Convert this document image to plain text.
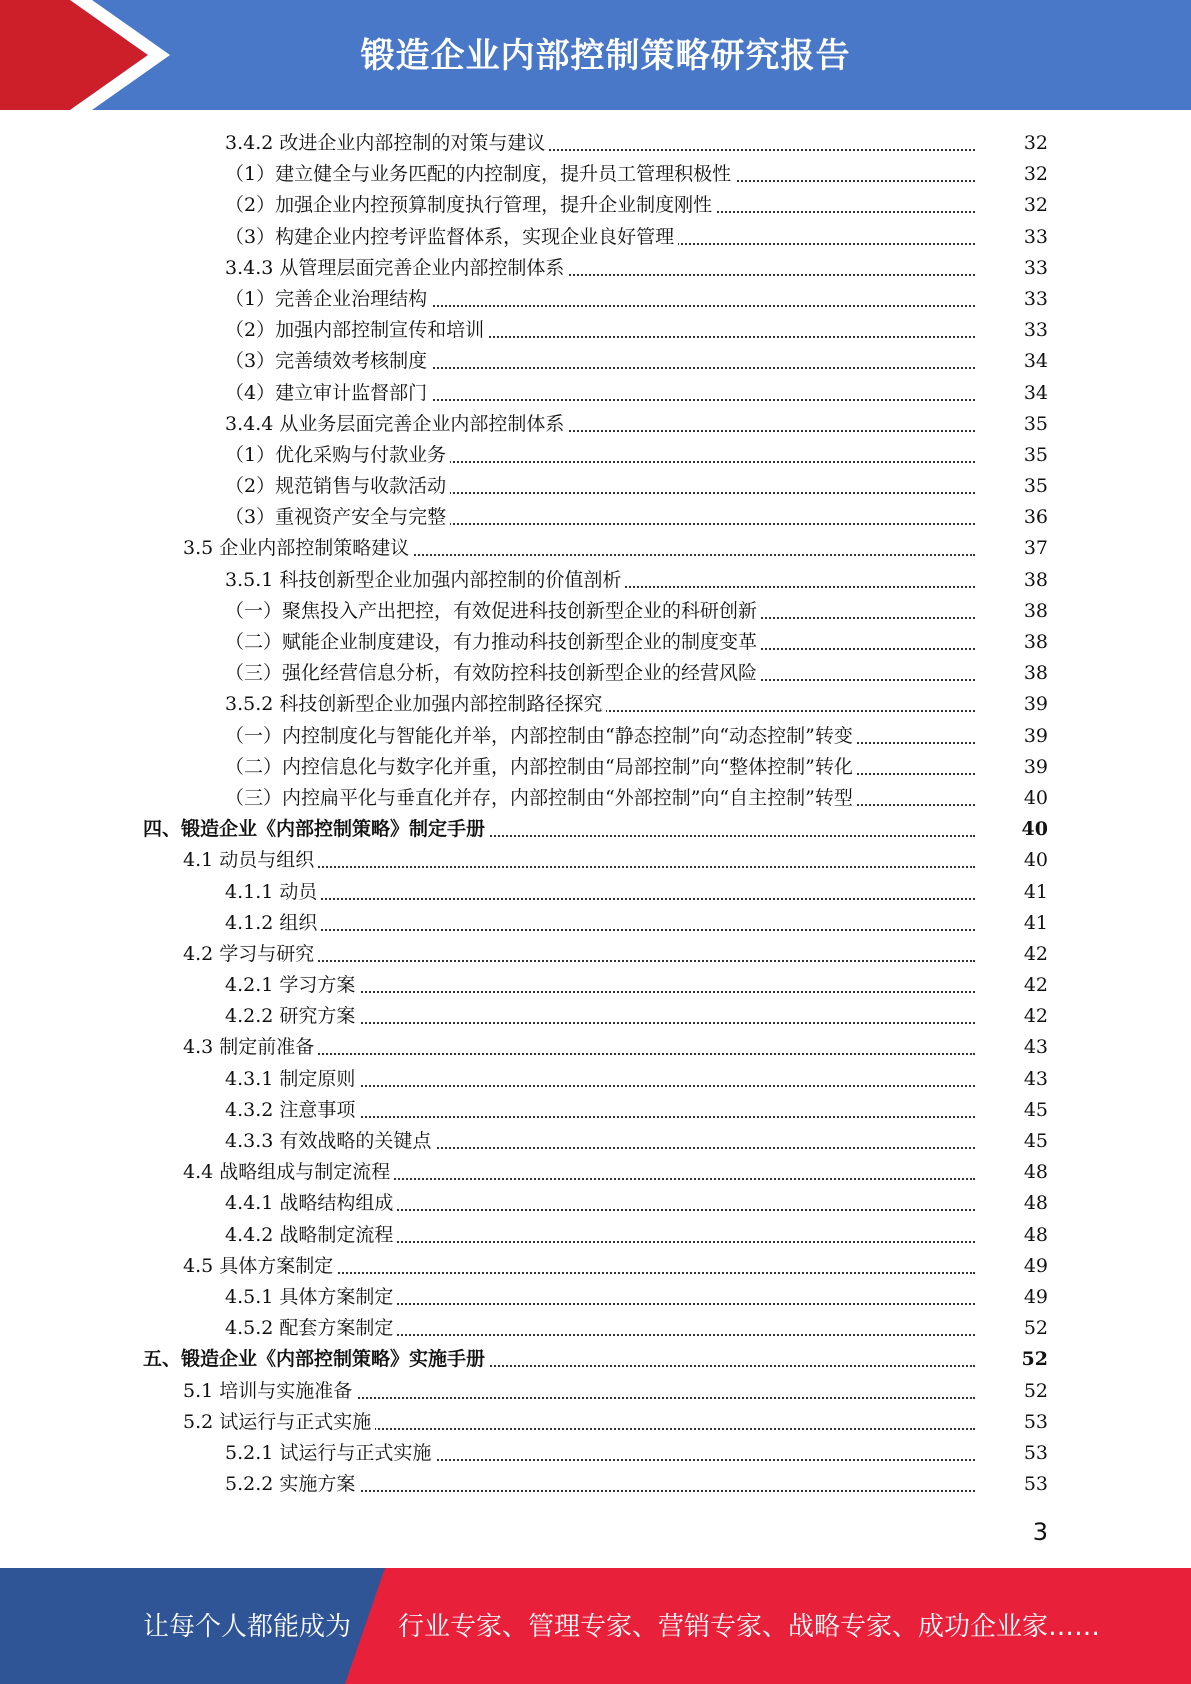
锻造企业内部控制策略研究报告
3.4.2 改进企业内部控制的对策与建议	32
（1）建立健全与业务匹配的内控制度，提升员工管理积极性	32
（2）加强企业内控预算制度执行管理，提升企业制度刚性	32
（3）构建企业内控考评监督体系，实现企业良好管理	33
3.4.3 从管理层面完善企业内部控制体系	33
（1）完善企业治理结构	33
（2）加强内部控制宣传和培训	33
（3）完善绩效考核制度	34
（4）建立审计监督部门	34
3.4.4 从业务层面完善企业内部控制体系	35
（1）优化采购与付款业务	35
（2）规范销售与收款活动	35
（3）重视资产安全与完整	36
3.5 企业内部控制策略建议	37
3.5.1 科技创新型企业加强内部控制的价值剖析	38
（一）聚焦投入产出把控，有效促进科技创新型企业的科研创新	38
（二）赋能企业制度建设，有力推动科技创新型企业的制度变革	38
（三）强化经营信息分析，有效防控科技创新型企业的经营风险	38
3.5.2 科技创新型企业加强内部控制路径探究	39
（一）内控制度化与智能化并举，内部控制由“静态控制”向“动态控制”转变	39
（二）内控信息化与数字化并重，内部控制由“局部控制”向“整体控制”转化	39
（三）内控扁平化与垂直化并存，内部控制由“外部控制”向“自主控制”转型	40
四、锻造企业《内部控制策略》制定手册	40
4.1 动员与组织	40
4.1.1 动员	41
4.1.2 组织	41
4.2 学习与研究	42
4.2.1 学习方案	42
4.2.2 研究方案	42
4.3 制定前准备	43
4.3.1 制定原则	43
4.3.2 注意事项	45
4.3.3 有效战略的关键点	45
4.4 战略组成与制定流程	48
4.4.1 战略结构组成	48
4.4.2 战略制定流程	48
4.5 具体方案制定	49
4.5.1 具体方案制定	49
4.5.2 配套方案制定	52
五、锻造企业《内部控制策略》实施手册	52
5.1 培训与实施准备	52
5.2 试运行与正式实施	53
5.2.1 试运行与正式实施	53
5.2.2 实施方案	53
3
让每个人都能成为 行业专家、管理专家、营销专家、战略专家、成功企业家……
